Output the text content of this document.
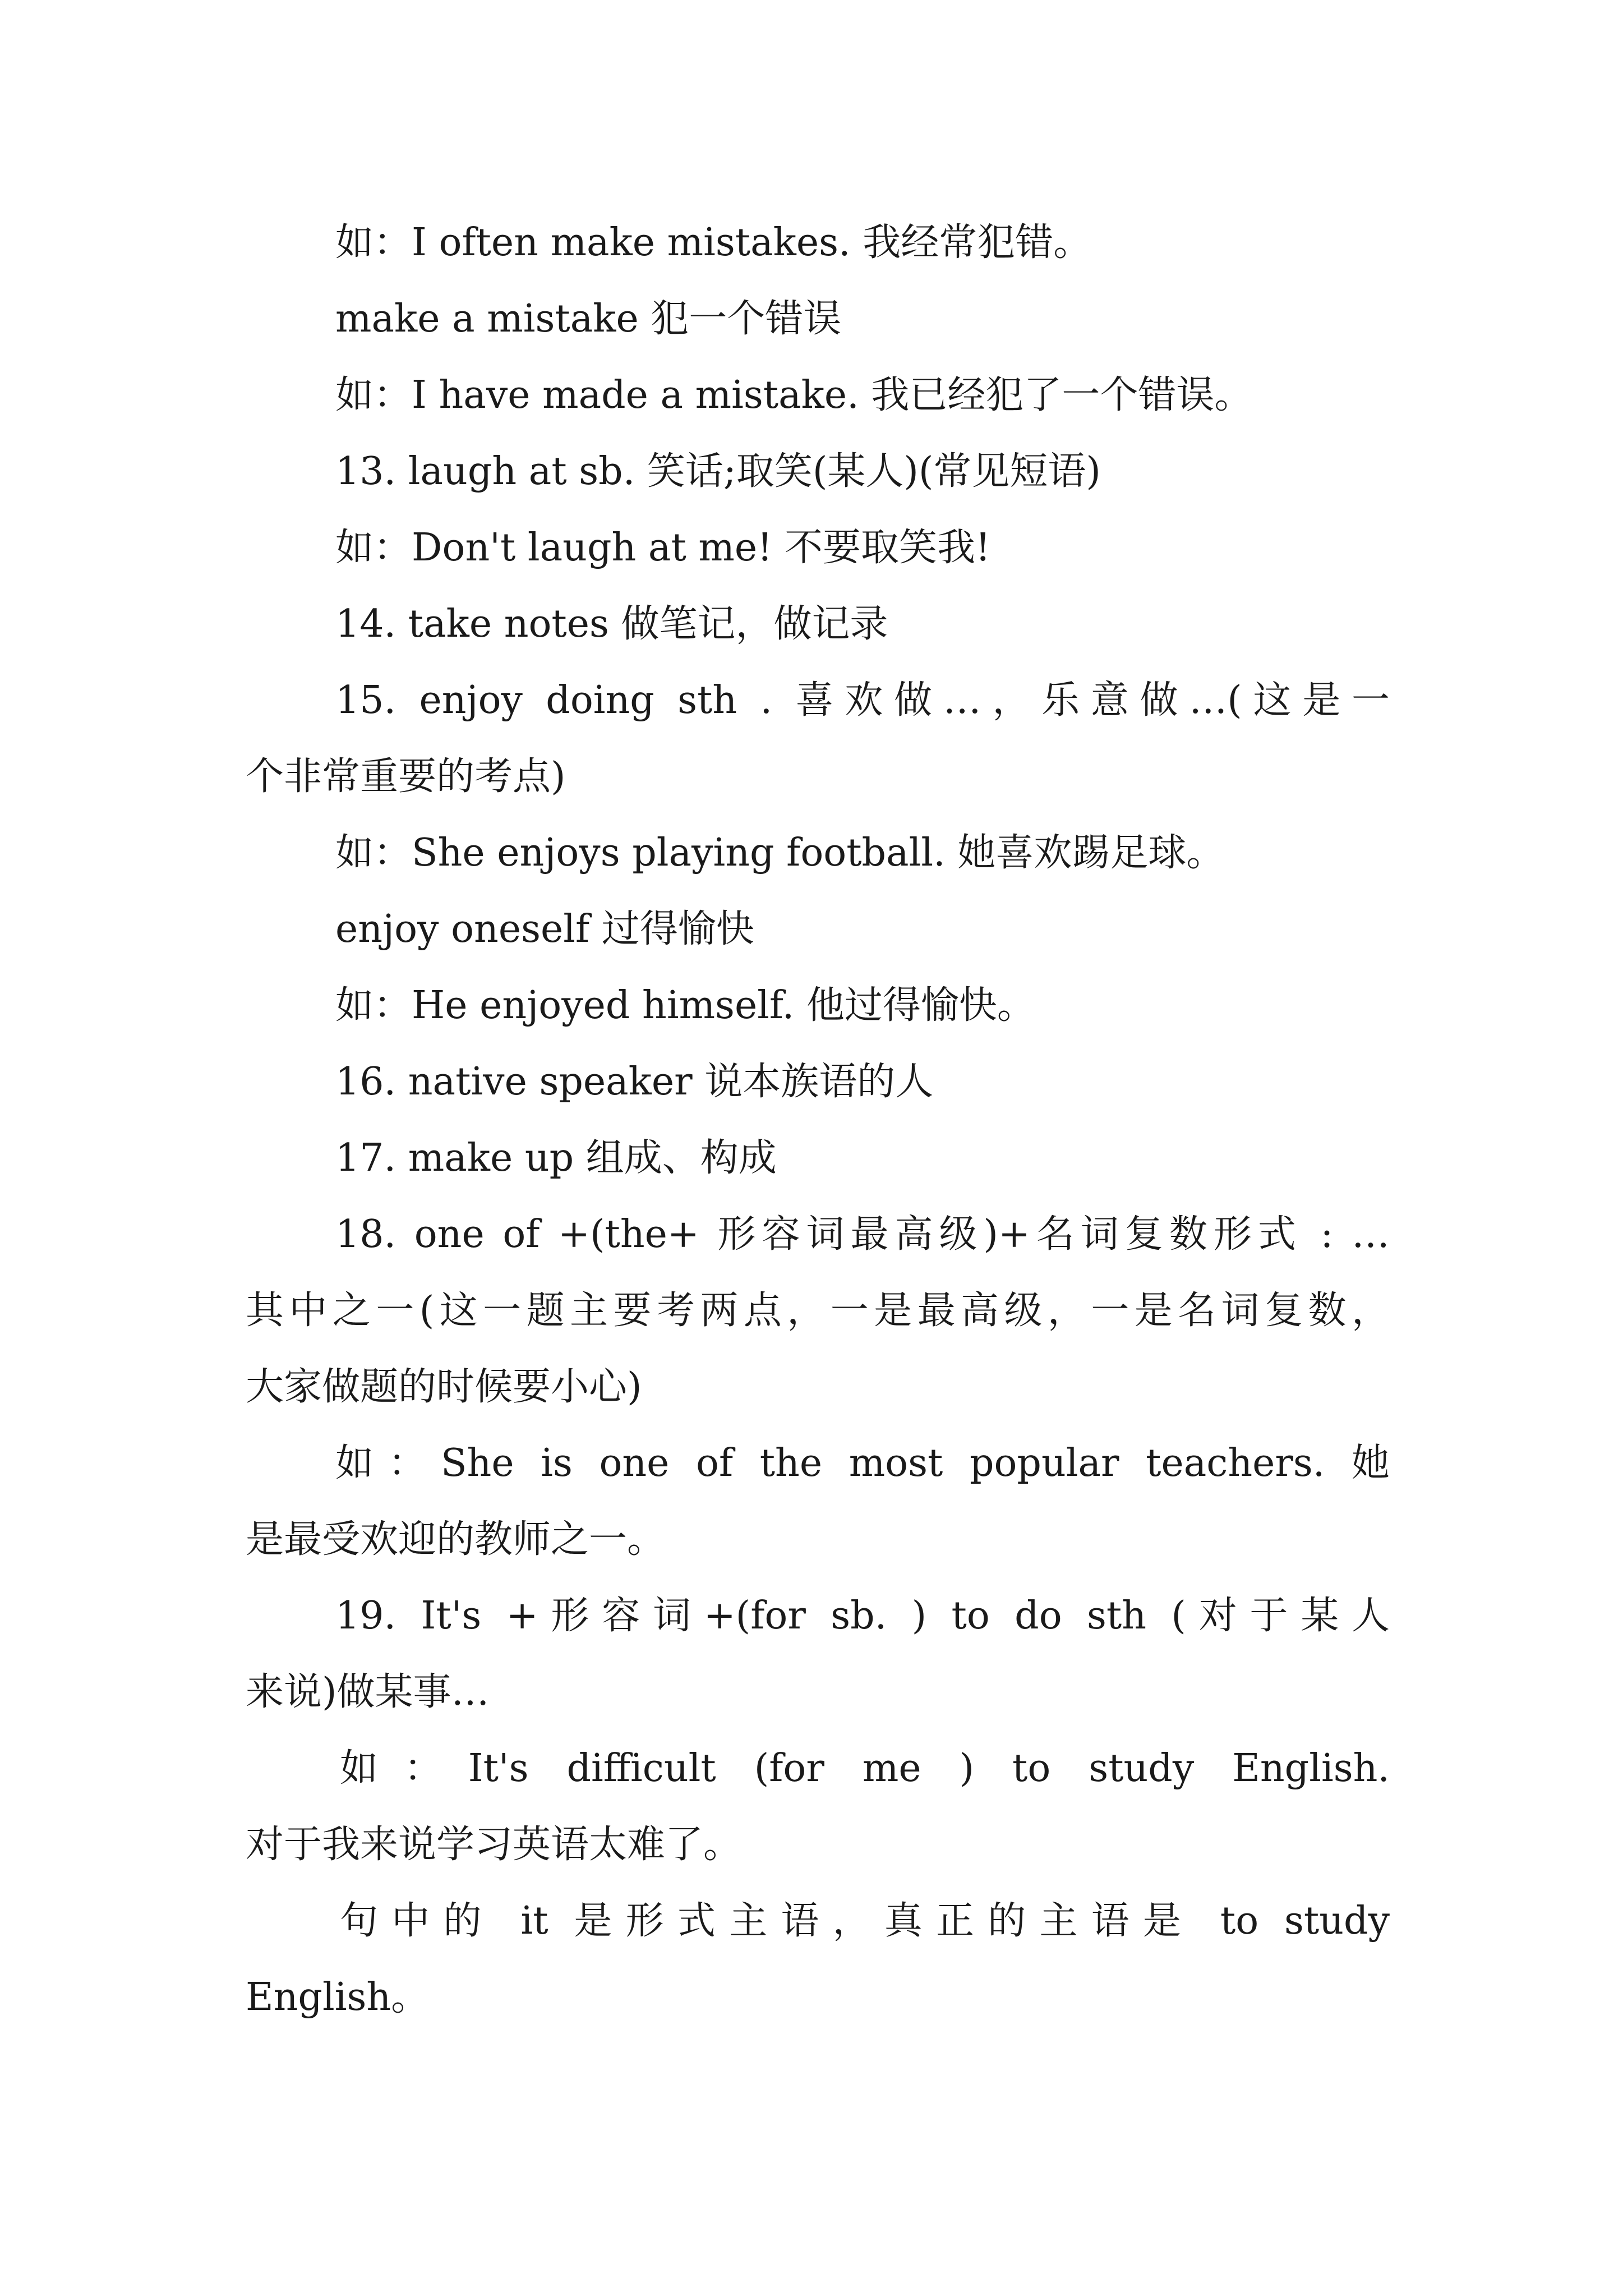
如：I often make mistakes. 我经常犯错。
make a mistake 犯一个错误
如：I have made a mistake. 我已经犯了一个错误。
13. laugh at sb. 笑话;取笑(某人)(常见短语)
如：Don't laugh at me! 不要取笑我!
14. take notes 做笔记，做记录
15. enjoy doing sth . 喜欢做…，乐意做…(这是一
个非常重要的考点)
如：She enjoys playing football. 她喜欢踢足球。
enjoy oneself 过得愉快
如：He enjoyed himself. 他过得愉快。
16. native speaker 说本族语的人
17. make up 组成、构成
18. one of +(the+ 形容词最高级)+名词复数形式 : …
其中之一(这一题主要考两点，一是最高级，一是名词复数，
大家做题的时候要小心)
如：She is one of the most popular teachers. 她
是最受欢迎的教师之一。
19. It's +形容词+(for sb. ) to do sth (对于某人
来说)做某事…
如：It's difficult (for me ) to study English.
对于我来说学习英语太难了。
句中的 it 是形式主语，真正的主语是 to study
English。
